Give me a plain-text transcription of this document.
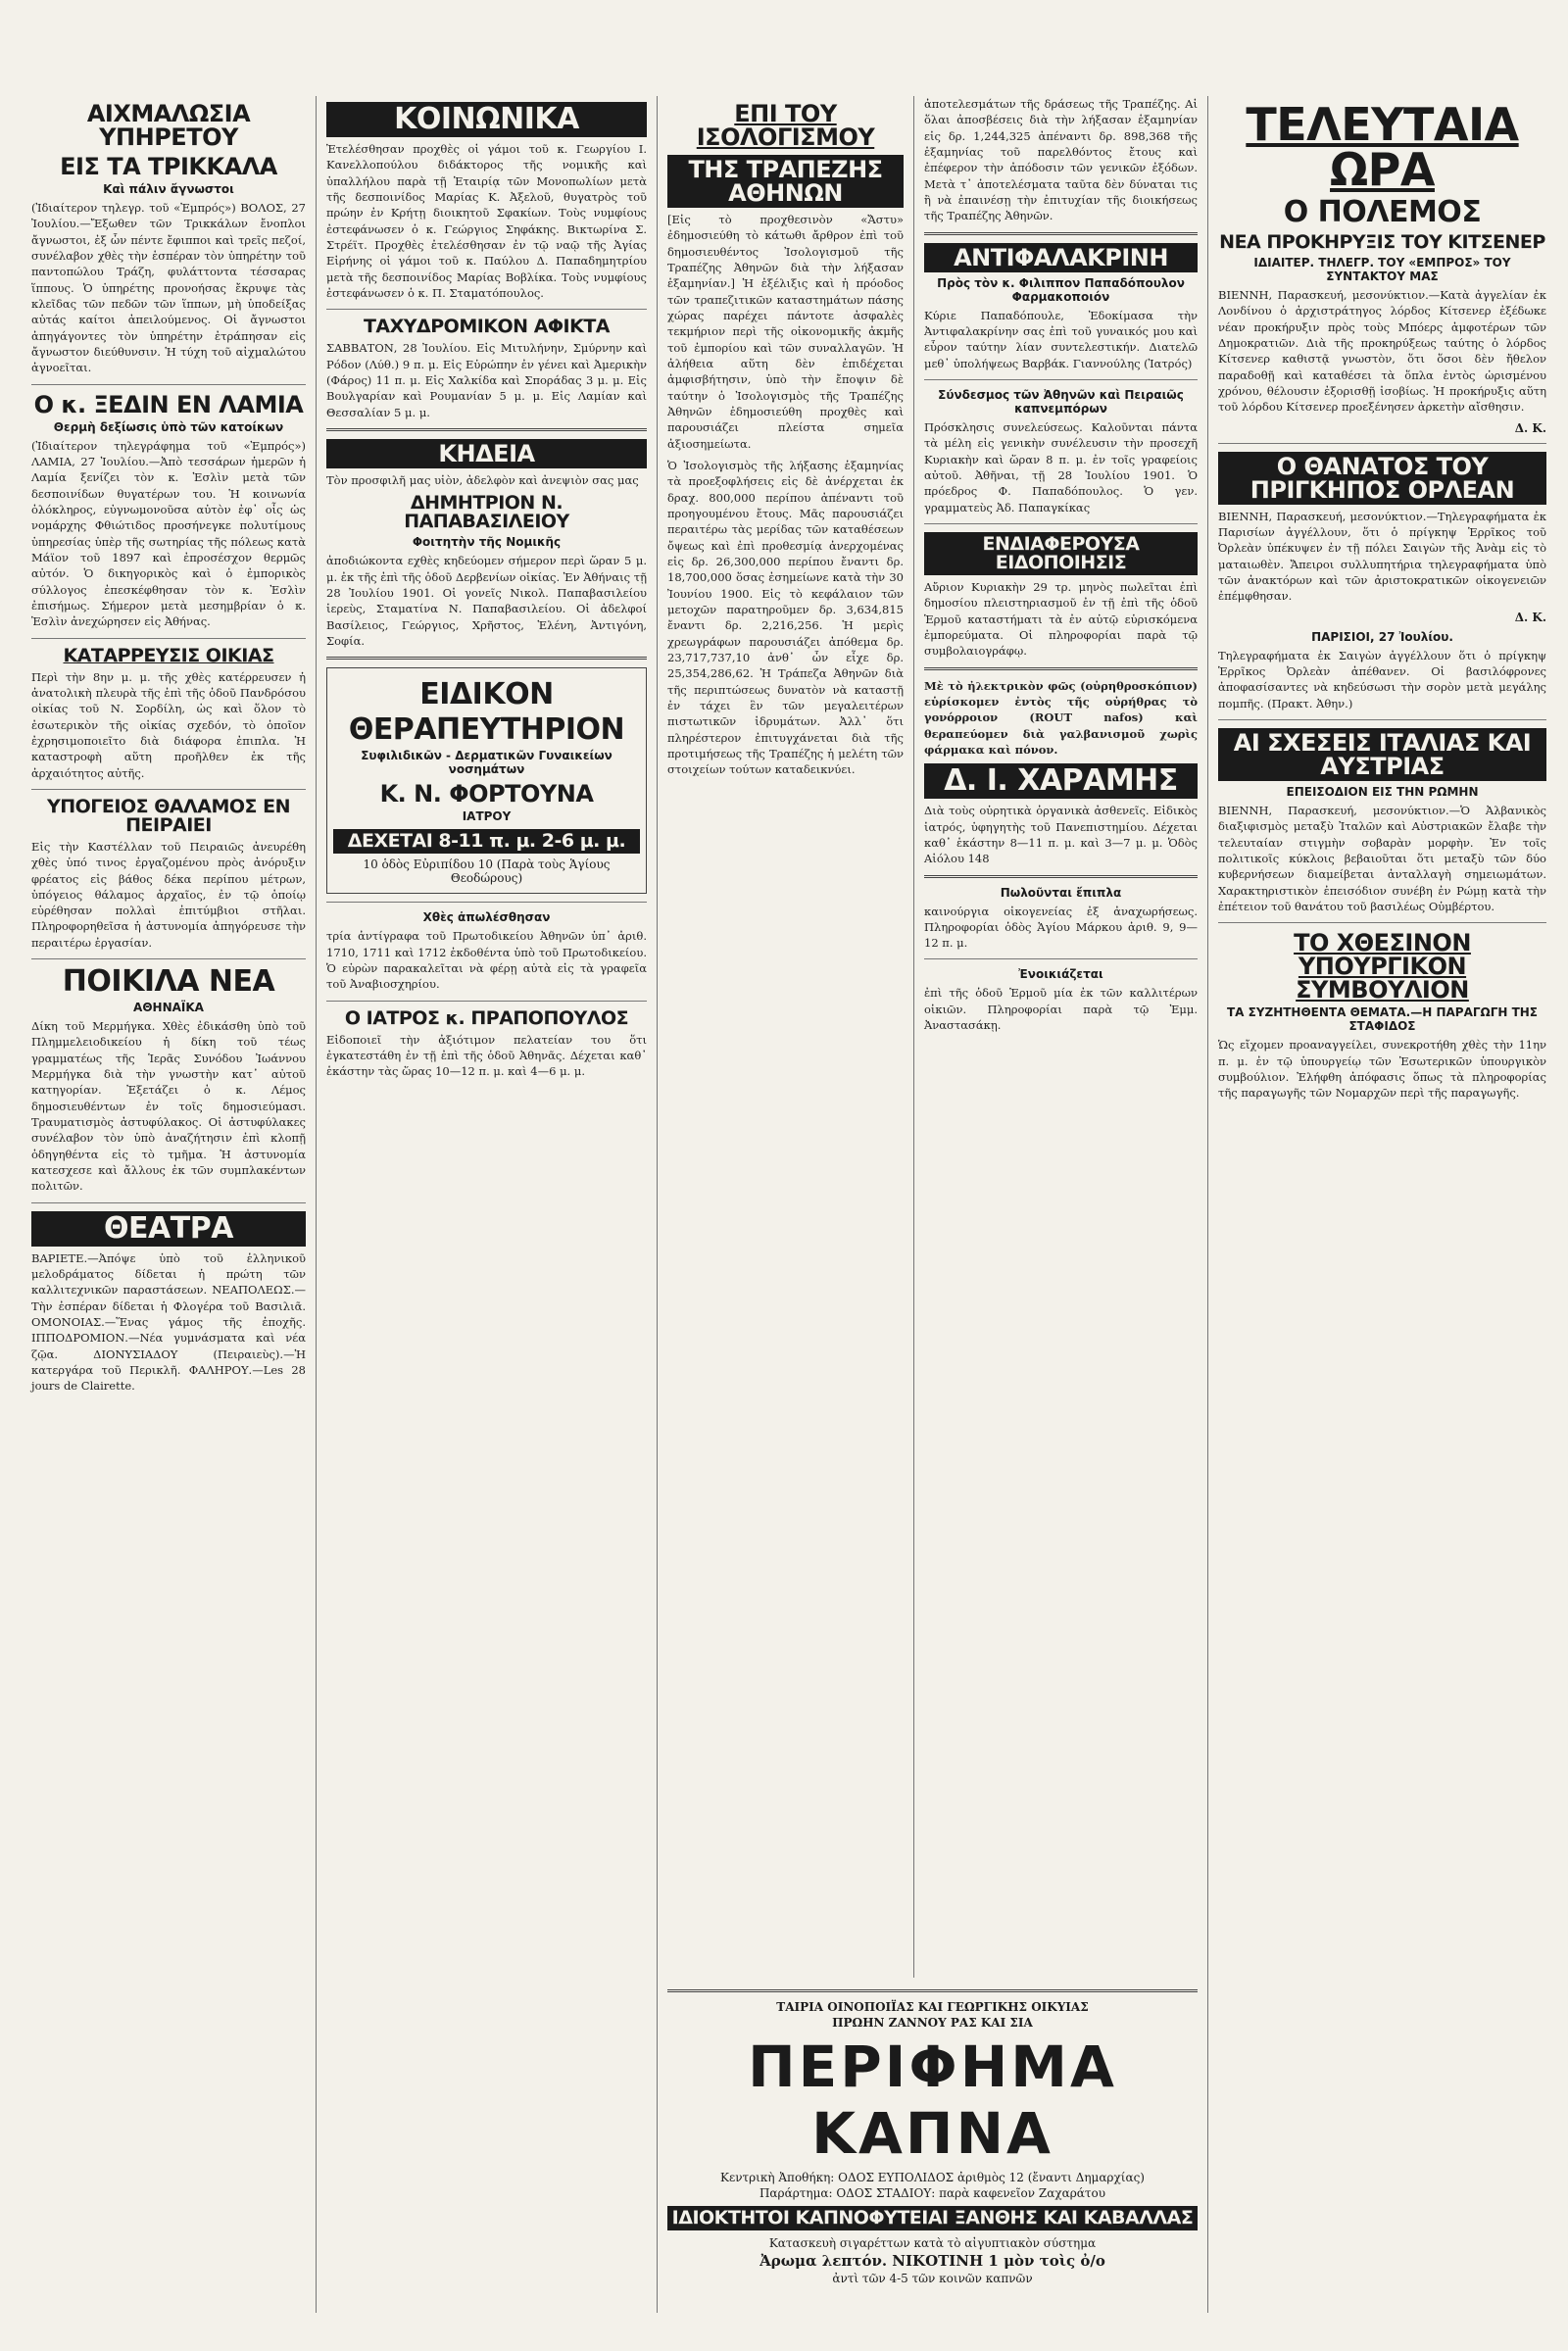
ΑΙΧΜΑΛΩΣΙΑ ΥΠΗΡΕΤΟΥ
ΕΙΣ ΤΑ ΤΡΙΚΚΑΛΑ
Καὶ πάλιν ἄγνωστοι

(Ἰδιαίτερον τηλεγρ. τοῦ «Ἐμπρός») ΒΟΛΟΣ, 27 Ἰουλίου.—Ἔξωθεν τῶν Τρικκάλων ἔνοπλοι ἄγνωστοι, ἐξ ὧν πέντε ἔφιπποι καὶ τρεῖς πεζοί, συνέλαβον χθὲς τὴν ἑσπέραν τὸν ὑπηρέτην τοῦ παντοπώλου Τράζη, φυλάττοντα τέσσαρας ἵππους. Ὁ ὑπηρέτης προνοήσας ἔκρυψε τὰς κλεῖδας τῶν πεδῶν τῶν ἵππων, μὴ ὑποδείξας αὐτάς καίτοι ἀπειλούμενος. Οἱ ἄγνωστοι ἀπηγάγοντες τὸν ὑπηρέτην ἐτράπησαν εἰς ἄγνωστον διεύθυνσιν. Ἡ τύχη τοῦ αἰχμαλώτου ἀγνοεῖται.

Ο κ. ΞΕΔΙΝ ΕΝ ΛΑΜΙΑ
Θερμὴ δεξίωσις ὑπὸ τῶν κατοίκων

(Ἰδιαίτερον τηλεγράφημα τοῦ «Ἐμπρός») ΛΑΜΙΑ, 27 Ἰουλίου.—Ἀπὸ τεσσάρων ἡμερῶν ἡ Λαμία ξενίζει τὸν κ. Ἐσλὶν μετὰ τῶν δεσποινίδων θυγατέρων του. Ἡ κοινωνία ὁλόκληρος, εὐγνωμονοῦσα αὐτὸν ἐφ᾽ οἷς ὡς νομάρχης Φθιώτιδος προσήνεγκε πολυτίμους ὑπηρεσίας ὑπὲρ τῆς σωτηρίας τῆς πόλεως κατὰ Μάϊον τοῦ 1897 καὶ ἐπροσέσχον θερμῶς αὐτόν. Ὁ δικηγορικὸς καὶ ὁ ἐμπορικὸς σύλλογος ἐπεσκέφθησαν τὸν κ. Ἐσλὶν ἐπισήμως. Σήμερον μετὰ μεσημβρίαν ὁ κ. Ἐσλὶν ἀνεχώρησεν εἰς Ἀθήνας.

ΚΑΤΑΡΡΕΥΣΙΣ ΟΙΚΙΑΣ

Περὶ τὴν 8ην μ. μ. τῆς χθὲς κατέρρευσεν ἡ ἀνατολικὴ πλευρὰ τῆς ἐπὶ τῆς ὁδοῦ Πανδρόσου οἰκίας τοῦ Ν. Σορδίλη, ὡς καὶ ὅλον τὸ ἐσωτερικὸν τῆς οἰκίας σχεδόν, τὸ ὁποῖον ἐχρησιμοποιεῖτο διὰ διάφορα ἐπιπλα. Ἡ καταστροφὴ αὕτη προῆλθεν ἐκ τῆς ἀρχαιότητος αὐτῆς.

ΥΠΟΓΕΙΟΣ ΘΑΛΑΜΟΣ ΕΝ ΠΕΙΡΑΙΕΙ

Εἰς τὴν Καστέλλαν τοῦ Πειραιῶς ἀνευρέθη χθὲς ὑπό τινος ἐργαζομένου πρὸς ἀνόρυξιν φρέατος εἰς βάθος δέκα περίπου μέτρων, ὑπόγειος θάλαμος ἀρχαῖος, ἐν τῷ ὁποίῳ εὑρέθησαν πολλαὶ ἐπιτύμβιοι στῆλαι. Πληροφορηθεῖσα ἡ ἀστυνομία ἀπηγόρευσε τὴν περαιτέρω ἐργασίαν.

ΠΟΙΚΙΛΑ ΝΕΑ
ΑΘΗΝΑΪΚΑ

Δίκη τοῦ Μερμήγκα. Χθὲς ἐδικάσθη ὑπὸ τοῦ Πλημμελειοδικείου ἡ δίκη τοῦ τέως γραμματέως τῆς Ἱερᾶς Συνόδου Ἰωάννου Μερμήγκα διὰ τὴν γνωστὴν κατ᾽ αὐτοῦ κατηγορίαν. Ἐξετάζει ὁ κ. Λέμος δημοσιευθέντων ἐν τοῖς δημοσιεύμασι. Τραυματισμὸς ἀστυφύλακος. Οἱ ἀστυφύλακες συνέλαβον τὸν ὑπὸ ἀναζήτησιν ἐπὶ κλοπῇ ὁδηγηθέντα εἰς τὸ τμῆμα. Ἡ ἀστυνομία κατεσχεσε καὶ ἄλλους ἐκ τῶν συμπλακέντων πολιτῶν.

ΘΕΑΤΡΑ

ΒΑΡΙΕΤΕ.—Ἀπόψε ὑπὸ τοῦ ἑλληνικοῦ μελοδράματος δίδεται ἡ πρώτη τῶν καλλιτεχνικῶν παραστάσεων. ΝΕΑΠΟΛΕΩΣ.—Τὴν ἐσπέραν δίδεται ἡ Φλογέρα τοῦ Βασιλιᾶ. ΟΜΟΝΟΙΑΣ.—Ἕνας γάμος τῆς ἐποχῆς. ΙΠΠΟΔΡΟΜΙΟΝ.—Νέα γυμνάσματα καὶ νέα ζῷα. ΔΙΟΝΥΣΙΑΔΟΥ (Πειραιεὺς).—Ἡ κατεργάρα τοῦ Περικλῆ. ΦΑΛΗΡΟΥ.—Les 28 jours de Clairette.

ΚΟΙΝΩΝΙΚΑ

Ἐτελέσθησαν προχθὲς οἱ γάμοι τοῦ κ. Γεωργίου Ι. Κανελλοπούλου διδάκτορος τῆς νομικῆς καὶ ὑπαλλήλου παρὰ τῇ Ἑταιρίᾳ τῶν Μονοπωλίων μετὰ τῆς δεσποινίδος Μαρίας Κ. Ἀξελοῦ, θυγατρὸς τοῦ πρώην ἐν Κρήτῃ διοικητοῦ Σφακίων. Τοὺς νυμφίους ἐστεφάνωσεν ὁ κ. Γεώργιος Σηφάκης. Βικτωρίνα Σ. Στρέϊτ. Προχθὲς ἐτελέσθησαν ἐν τῷ ναῷ τῆς Ἀγίας Εἰρήνης οἱ γάμοι τοῦ κ. Παύλου Δ. Παπαδημητρίου μετὰ τῆς δεσποινίδος Μαρίας Βοβλίκα. Τοὺς νυμφίους ἐστεφάνωσεν ὁ κ. Π. Σταματόπουλος.

ΤΑΧΥΔΡΟΜΙΚΟΝ ΑΦΙΚΤΑ

ΣΑΒΒΑΤΟΝ, 28 Ἰουλίου. Εἰς Μιτυλήνην, Σμύρνην καὶ Ρόδον (Λύθ.) 9 π. μ. Εἰς Εὐρώπην ἐν γένει καὶ Ἀμερικὴν (Φάρος) 11 π. μ. Εἰς Χαλκίδα καὶ Σποράδας 3 μ. μ. Εἰς Βουλγαρίαν καὶ Ρουμανίαν 5 μ. μ. Εἰς Λαμίαν καὶ Θεσσαλίαν 5 μ. μ.

ΚΗΔΕΙΑ

Τὸν προσφιλῆ μας υἱὸν, ἀδελφὸν καὶ ἀνεψιὸν σας μας

ΔΗΜΗΤΡΙΟΝ Ν. ΠΑΠΑΒΑΣΙΛΕΙΟΥ
Φοιτητὴν τῆς Νομικῆς

ἀποδιώκοντα εχθὲς κηδεύομεν σήμερον περὶ ὥραν 5 μ. μ. ἐκ τῆς ἐπὶ τῆς ὁδοῦ Δερβενίων οἰκίας. Ἐν Ἀθήναις τῇ 28 Ἰουλίου 1901. Οἱ γονεῖς Νικολ. Παπαβασιλείου ἱερεὺς, Σταματίνα Ν. Παπαβασιλείου. Οἱ ἀδελφοί Βασίλειος, Γεώργιος, Χρῆστος, Ἑλένη, Ἀντιγόνη, Σοφία.

ΕΙΔΙΚΟΝ
ΘΕΡΑΠΕΥΤΗΡΙΟΝ
Συφιλιδικῶν - Δερματικῶν Γυναικείων νοσημάτων
Κ. Ν. ΦΟΡΤΟΥΝΑ
ΙΑΤΡΟΥ
ΔΕΧΕΤΑΙ 8-11 π. μ. 2-6 μ. μ.
10 ὁδὸς Εὐριπίδου 10 (Παρὰ τοὺς Ἁγίους Θεοδώρους)
Χθὲς ἀπωλέσθησαν

τρία ἀντίγραφα τοῦ Πρωτοδικείου Ἀθηνῶν ὑπ᾽ ἀριθ. 1710, 1711 καὶ 1712 ἐκδοθέντα ὑπὸ τοῦ Πρωτοδικείου. Ὁ εὑρὼν παρακαλεῖται νὰ φέρῃ αὐτὰ εἰς τὰ γραφεῖα τοῦ Ἀναβιοσχηρίου.

Ο ΙΑΤΡΟΣ κ. ΠΡΑΠΟΠΟΥΛΟΣ

Εἰδοποιεῖ τὴν ἀξιότιμον πελατείαν του ὅτι ἐγκατεστάθη ἐν τῇ ἐπὶ τῆς ὁδοῦ Ἀθηνᾶς. Δέχεται καθ᾽ ἑκάστην τὰς ὥρας 10—12 π. μ. καὶ 4—6 μ. μ.

ΕΠΙ ΤΟΥ ΙΣΟΛΟΓΙΣΜΟΥ
ΤΗΣ ΤΡΑΠΕΖΗΣ ΑΘΗΝΩΝ

[Εἰς τὸ προχθεσινὸν «Ἄστυ» ἐδημοσιεύθη τὸ κάτωθι ἄρθρον ἐπὶ τοῦ δημοσιευθέντος Ἰσολογισμοῦ τῆς Τραπέζης Ἀθηνῶν διὰ τὴν λήξασαν ἑξαμηνίαν.] Ἡ ἐξέλιξις καὶ ἡ πρόοδος τῶν τραπεζιτικῶν καταστημάτων πάσης χώρας παρέχει πάντοτε ἀσφαλὲς τεκμήριον περὶ τῆς οἰκονομικῆς ἀκμῆς τοῦ ἐμπορίου καὶ τῶν συναλλαγῶν. Ἡ ἀλήθεια αὕτη δὲν ἐπιδέχεται ἀμφισβήτησιν, ὑπὸ τὴν ἔποψιν δὲ ταύτην ὁ Ἰσολογισμὸς τῆς Τραπέζης Ἀθηνῶν ἐδημοσιεύθη προχθὲς καὶ παρουσιάζει πλείστα σημεῖα ἀξιοσημείωτα.

Ὁ Ἰσολογισμὸς τῆς λήξασης ἑξαμηνίας τὰ προεξοφλήσεις εἰς δὲ ἀνέρχεται ἐκ δραχ. 800,000 περίπου ἀπέναντι τοῦ προηγουμένου ἔτους. Μᾶς παρουσιάζει περαιτέρω τὰς μερίδας τῶν καταθέσεων ὄψεως καὶ ἐπὶ προθεσμίᾳ ἀνερχομένας εἰς δρ. 26,300,000 περίπου ἔναντι δρ. 18,700,000 ὅσας ἐσημείωνε κατὰ τὴν 30 Ἰουνίου 1900. Εἰς τὸ κεφάλαιον τῶν μετοχῶν παρατηροῦμεν δρ. 3,634,815 ἔναντι δρ. 2,216,256. Ἡ μερὶς χρεωγράφων παρουσιάζει ἀπόθεμα δρ. 23,717,737,10 ἀνθ᾽ ὧν εἶχε δρ. 25,354,286,62. Ἡ Τράπεζα Ἀθηνῶν διὰ τῆς περιπτώσεως δυνατὸν νὰ καταστῇ ἐν τάχει ἓν τῶν μεγαλειτέρων πιστωτικῶν ἱδρυμάτων. Ἀλλ᾽ ὅτι πληρέστερον ἐπιτυγχάνεται διὰ τῆς προτιμήσεως τῆς Τραπέζης ἡ μελέτη τῶν στοιχείων τούτων καταδεικνύει.

ἀποτελεσμάτων τῆς δράσεως τῆς Τραπέζης. Αἱ ὅλαι ἀποσβέσεις διὰ τὴν λήξασαν ἑξαμηνίαν εἰς δρ. 1,244,325 ἀπέναντι δρ. 898,368 τῆς ἑξαμηνίας τοῦ παρελθόντος ἔτους καὶ ἐπέφερον τὴν ἀπόδοσιν τῶν γενικῶν ἐξόδων. Μετὰ τ᾽ ἀποτελέσματα ταῦτα δὲν δύναται τις ἢ νὰ ἐπαινέσῃ τὴν ἐπιτυχίαν τῆς διοικήσεως τῆς Τραπέζης Ἀθηνῶν.

ΑΝΤΙΦΑΛΑΚΡΙΝΗ
Πρὸς τὸν κ. Φιλιππον Παπαδόπουλον Φαρμακοποιόν

Κύριε Παπαδόπουλε, Ἐδοκίμασα τὴν Ἀντιφαλακρίνην σας ἐπὶ τοῦ γυναικός μου καὶ εὗρον ταύτην λίαν συντελεστικήν. Διατελῶ μεθ᾽ ὑπολήψεως Βαρβάκ. Γιαννούλης (Ἰατρός)

Σύνδεσμος τῶν Ἀθηνῶν καὶ Πειραιῶς καπνεμπόρων

Πρόσκλησις συνελεύσεως. Καλοῦνται πάντα τὰ μέλη εἰς γενικὴν συνέλευσιν τὴν προσεχῆ Κυριακὴν καὶ ὥραν 8 π. μ. ἐν τοῖς γραφείοις αὐτοῦ. Ἀθῆναι, τῇ 28 Ἰουλίου 1901. Ὁ πρόεδρος Φ. Παπαδόπουλος. Ὁ γεν. γραμματεὺς Ἀδ. Παπαγκίκας

ΕΝΔΙΑΦΕΡΟΥΣΑ ΕΙΔΟΠΟΙΗΣΙΣ

Αὔριον Κυριακὴν 29 τρ. μηνὸς πωλεῖται ἐπὶ δημοσίου πλειστηριασμοῦ ἐν τῇ ἐπὶ τῆς ὁδοῦ Ἑρμοῦ καταστήματι τὰ ἐν αὐτῷ εὑρισκόμενα ἐμπορεύματα. Οἱ πληροφορίαι παρὰ τῷ συμβολαιογράφῳ.

Μὲ τὸ ἠλεκτρικὸν φῶς (οὐρηθροσκόπιον) εὑρίσκομεν ἐντὸς τῆς οὐρήθρας τὸ γονόρροιον (ROUT nafos) καὶ θεραπεύομεν διὰ γαλβανισμοῦ χωρὶς φάρμακα καὶ πόνον.

Δ. Ι. ΧΑΡΑΜΗΣ

Διὰ τοὺς οὐρητικὰ ὀργανικὰ ἀσθενεῖς. Εἰδικὸς ἰατρός, ὑφηγητὴς τοῦ Πανεπιστημίου. Δέχεται καθ᾽ ἑκάστην 8—11 π. μ. καὶ 3—7 μ. μ. Ὁδὸς Αἰόλου 148

Πωλοῦνται ἔπιπλα

καινούργια οἰκογενείας ἐξ ἀναχωρήσεως. Πληροφορίαι ὁδὸς Ἁγίου Μάρκου ἀριθ. 9, 9—12 π. μ.

Ἐνοικιάζεται

ἐπὶ τῆς ὁδοῦ Ἑρμοῦ μία ἐκ τῶν καλλιτέρων οἰκιῶν. Πληροφορίαι παρὰ τῷ Ἐμμ. Ἀναστασάκῃ.

ΤΕΛΕΥΤΑΙΑ ΩΡΑ
Ο ΠΟΛΕΜΟΣ
ΝΕΑ ΠΡΟΚΗΡΥΞΙΣ ΤΟΥ ΚΙΤΣΕΝΕΡ
ΙΔΙΑΙΤΕΡ. ΤΗΛΕΓΡ. ΤΟΥ «ΕΜΠΡΟΣ» ΤΟΥ ΣΥΝΤΑΚΤΟΥ ΜΑΣ

ΒΙΕΝΝΗ, Παρασκευή, μεσονύκτιον.—Κατὰ ἀγγελίαν ἐκ Λονδίνου ὁ ἀρχιστράτηγος λόρδος Κίτσενερ ἐξέδωκε νέαν προκήρυξιν πρὸς τοὺς Μπόερς ἀμφοτέρων τῶν Δημοκρατιῶν. Διὰ τῆς προκηρύξεως ταύτης ὁ λόρδος Κίτσενερ καθιστᾷ γνωστὸν, ὅτι ὅσοι δὲν ἤθελον παραδοθῇ καὶ καταθέσει τὰ ὅπλα ἐντὸς ὡρισμένου χρόνου, θέλουσιν ἐξορισθῇ ἰσοβίως. Ἡ προκήρυξις αὕτη τοῦ λόρδου Κίτσενερ προεξένησεν ἀρκετὴν αἴσθησιν.

Δ. Κ.
Ο ΘΑΝΑΤΟΣ ΤΟΥ ΠΡΙΓΚΗΠΟΣ ΟΡΛΕΑΝ

ΒΙΕΝΝΗ, Παρασκευή, μεσονύκτιον.—Τηλεγραφήματα ἐκ Παρισίων ἀγγέλλουν, ὅτι ὁ πρίγκηψ Ἑρρῖκος τοῦ Ὀρλεὰν ὑπέκυψεν ἐν τῇ πόλει Σαιγὼν τῆς Ἀνὰμ εἰς τὸ ματαιωθὲν. Ἄπειροι συλλυπητήρια τηλεγραφήματα ὑπὸ τῶν ἀνακτόρων καὶ τῶν ἀριστοκρατικῶν οἰκογενειῶν ἐπέμφθησαν.

Δ. Κ.
ΠΑΡΙΣΙΟΙ, 27 Ἰουλίου.

Τηλεγραφήματα ἐκ Σαιγὼν ἀγγέλλουν ὅτι ὁ πρίγκηψ Ἑρρῖκος Ὀρλεὰν ἀπέθανεν. Οἱ βασιλόφρονες ἀποφασίσαντες νὰ κηδεύσωσι τὴν σορὸν μετὰ μεγάλης πομπῆς. (Πρακτ. Ἀθην.)

ΑΙ ΣΧΕΣΕΙΣ ΙΤΑΛΙΑΣ ΚΑΙ ΑΥΣΤΡΙΑΣ
ΕΠΕΙΣΟΔΙΟΝ ΕΙΣ ΤΗΝ ΡΩΜΗΝ

ΒΙΕΝΝΗ, Παρασκευή, μεσονύκτιον.—Ὁ Ἀλβανικὸς διαξιφισμὸς μεταξὺ Ἰταλῶν καὶ Αὐστριακῶν ἔλαβε τὴν τελευταίαν στιγμὴν σοβαρὰν μορφὴν. Ἐν τοῖς πολιτικοῖς κύκλοις βεβαιοῦται ὅτι μεταξὺ τῶν δύο κυβερνήσεων διαμείβεται ἀνταλλαγὴ σημειωμάτων. Χαρακτηριστικὸν ἐπεισόδιον συνέβη ἐν Ρώμῃ κατὰ τὴν ἐπέτειον τοῦ θανάτου τοῦ βασιλέως Οὐμβέρτου.

ΤΟ ΧΘΕΣΙΝΟΝ ΥΠΟΥΡΓΙΚΟΝ ΣΥΜΒΟΥΛΙΟΝ
ΤΑ ΣΥΖΗΤΗΘΕΝΤΑ ΘΕΜΑΤΑ.—Η ΠΑΡΑΓΩΓΗ ΤΗΣ ΣΤΑΦΙΔΟΣ

Ὡς εἴχομεν προαναγγείλει, συνεκροτήθη χθὲς τὴν 11ην π. μ. ἐν τῷ ὑπουργείῳ τῶν Ἐσωτερικῶν ὑπουργικὸν συμβούλιον. Ἐλήφθη ἀπόφασις ὅπως τὰ πληροφορίας τῆς παραγωγῆς τῶν Νομαρχῶν περὶ τῆς παραγωγῆς.

ΤΑΙΡΙΑ ΟΙΝΟΠΟΙΪΑΣ ΚΑΙ ΓΕΩΡΓΙΚΗΣ ΟΙΚΥΙΑΣ
ΠΡΩΗΝ ΖΑΝΝΟΥ ΡΑΣ ΚΑΙ ΣΙΑ
ΠΕΡΙΦΗΜΑ ΚΑΠΝΑ
Κεντρικὴ Ἀποθήκη: ΟΔΟΣ ΕΥΠΟΛΙΔΟΣ ἀριθμὸς 12 (ἔναντι Δημαρχίας)
Παράρτημα: ΟΔΟΣ ΣΤΑΔΙΟΥ: παρὰ καφενεῖον Ζαχαράτου
ΙΔΙΟΚΤΗΤΟΙ ΚΑΠΝΟΦΥΤΕΙΑΙ ΞΑΝΘΗΣ ΚΑΙ ΚΑΒΑΛΛΑΣ
Κατασκευὴ σιγαρέττων κατὰ τὸ αἰγυπτιακὸν σύστημα
Ἀρωμα λεπτόν. ΝΙΚΟΤΙΝΗ 1 μὸν τοὶς ὀ/ο
ἀντὶ τῶν 4-5 τῶν κοινῶν καπνῶν
